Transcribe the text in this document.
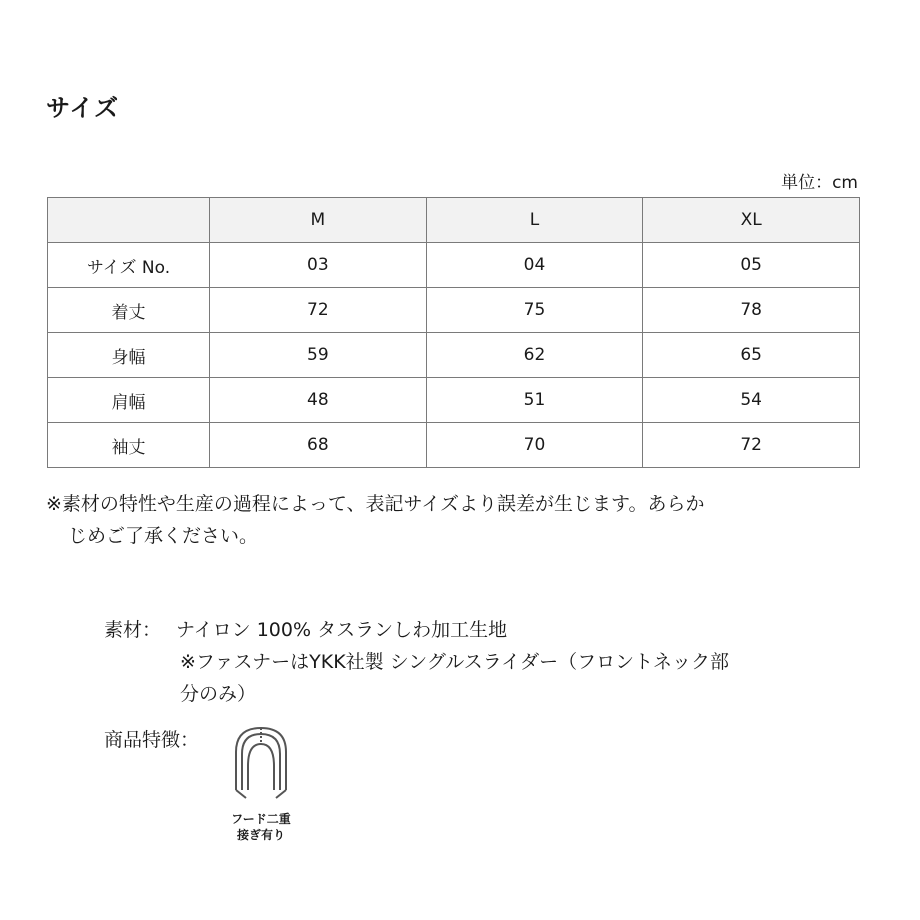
サイズ
単位：cm
	M	L	XL
サイズ No.	03	04	05
着丈	72	75	78
身幅	59	62	65
肩幅	48	51	54
袖丈	68	70	72
※素材の特性や生産の過程によって、表記サイズより誤差が生じます。あらか
じめご了承ください。
素材： ナイロン 100% タスランしわ加工生地
※ファスナーはYKK社製 シングルスライダー（フロントネック部
分のみ）
商品特徴：
フード二重
接ぎ有り
